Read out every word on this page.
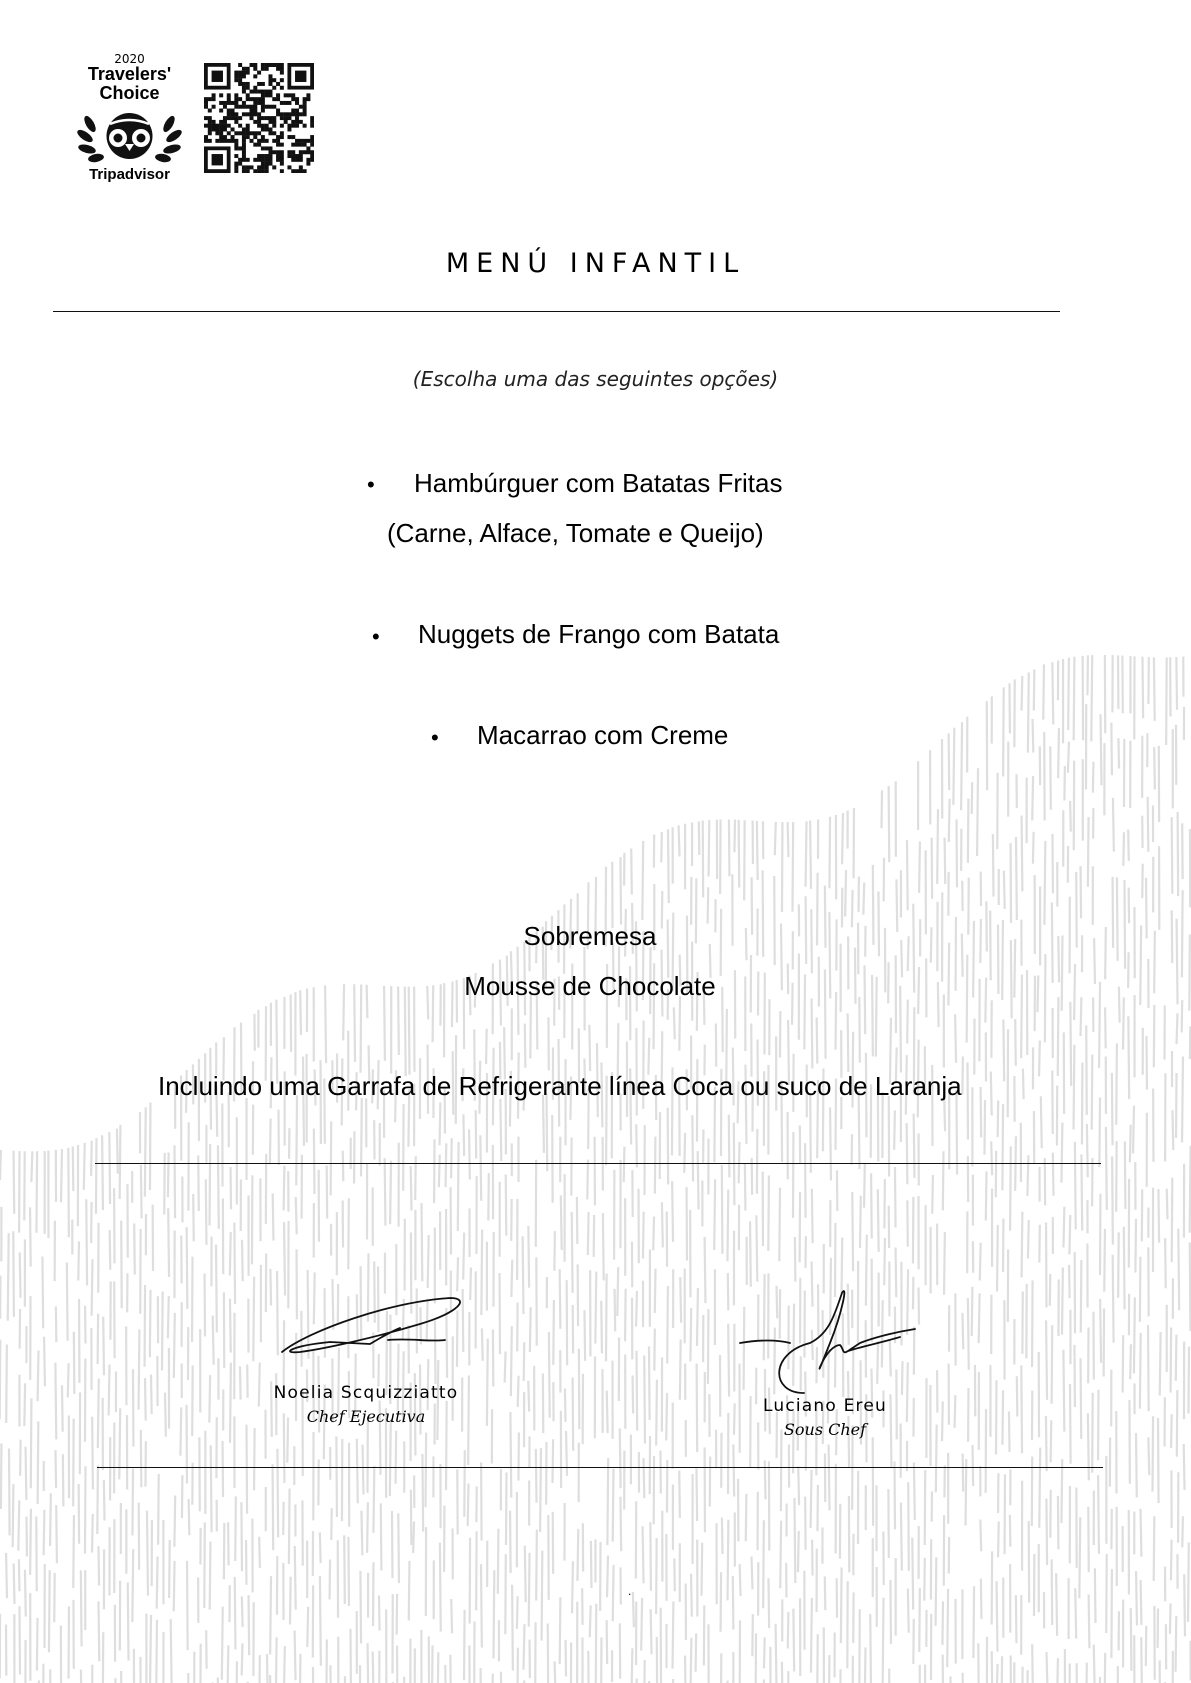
2020
Travelers'
Choice
Tripadvisor
MENÚ INFANTIL
(Escolha uma das seguintes opções)
• Hambúrguer com Batatas Fritas
(Carne, Alface, Tomate e Queijo)
• Nuggets de Frango com Batata
• Macarrao com Creme
Sobremesa
Mousse de Chocolate
Incluindo uma Garrafa de Refrigerante línea Coca ou suco de Laranja
Noelia Scquizziatto
Chef Ejecutiva
Luciano Ereu
Sous Chef
.
